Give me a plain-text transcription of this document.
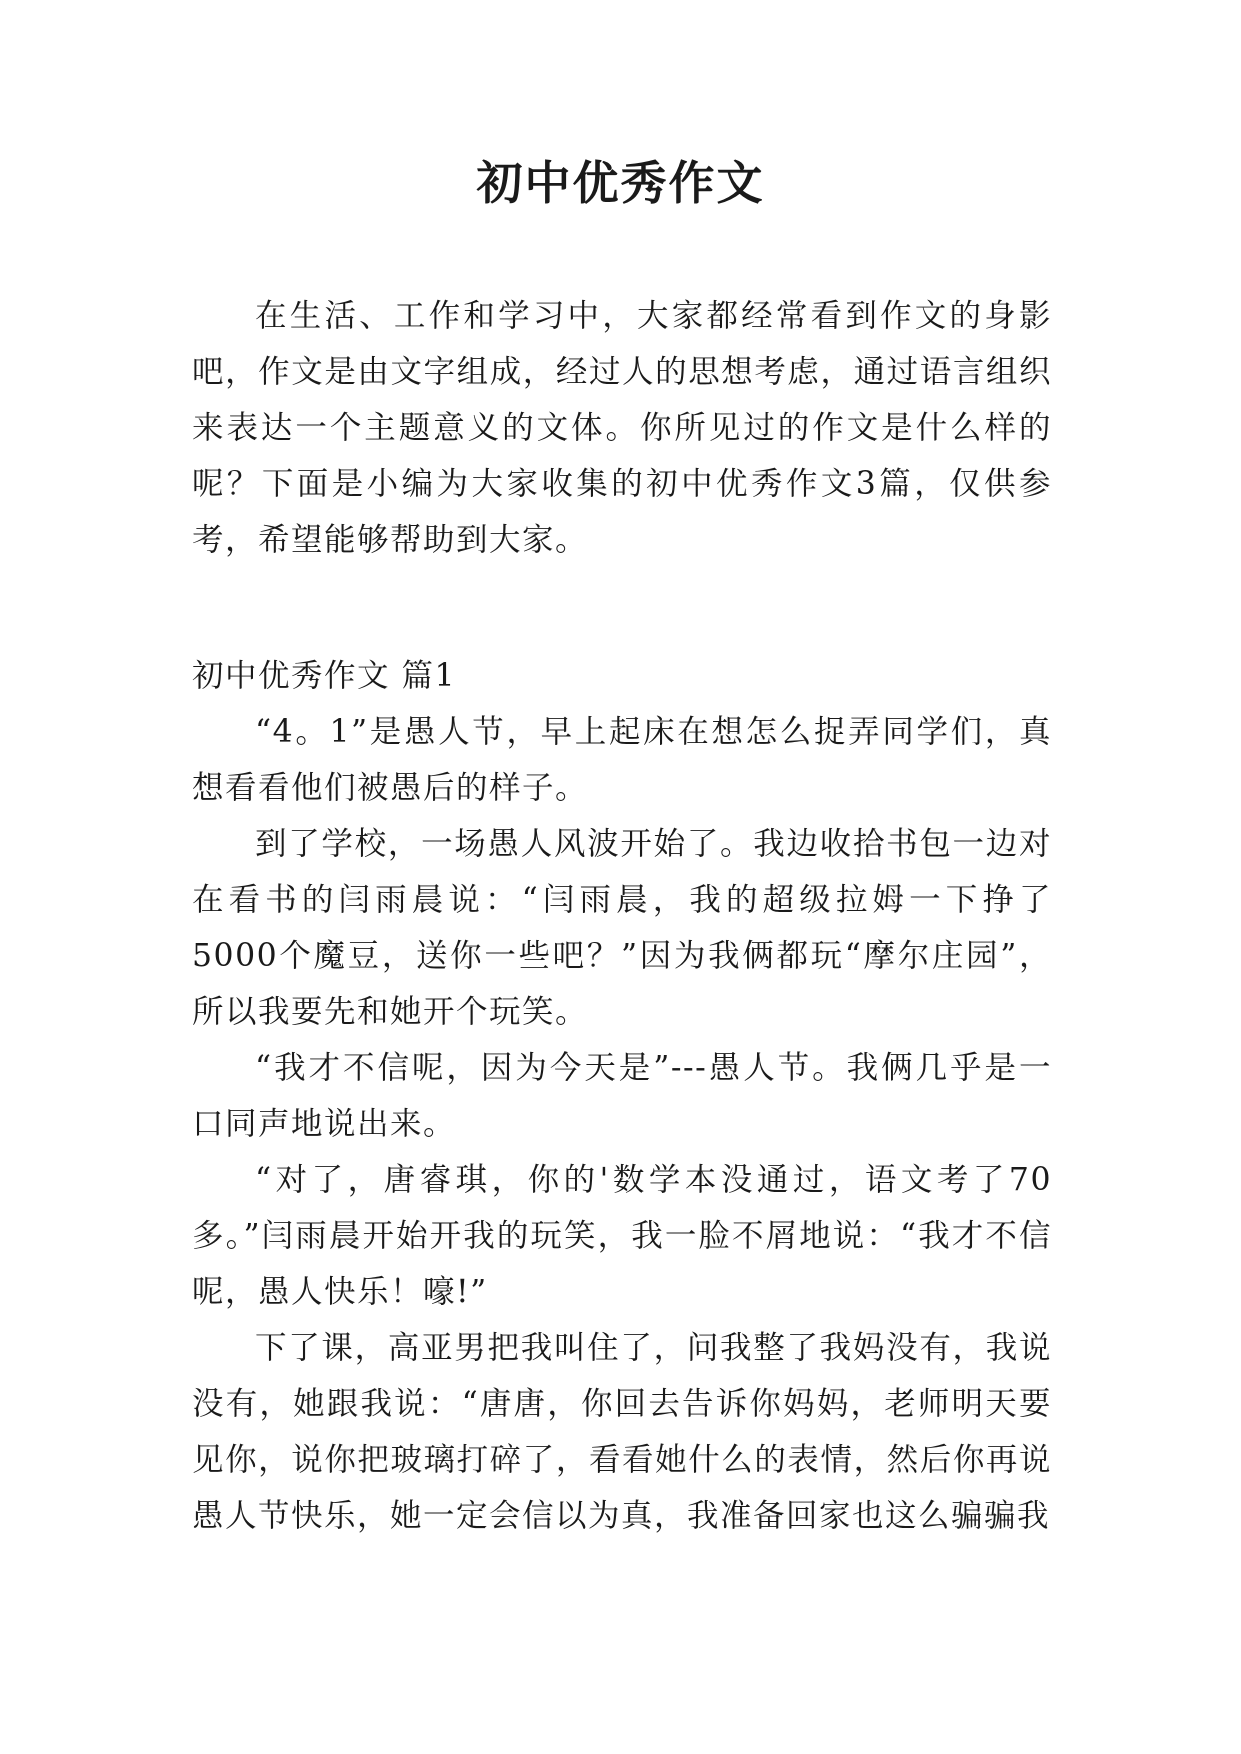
初中优秀作文

在生活、工作和学习中，大家都经常看到作文的身影吧，作文是由文字组成，经过人的思想考虑，通过语言组织来表达一个主题意义的文体。你所见过的作文是什么样的呢？下面是小编为大家收集的初中优秀作文3篇，仅供参考，希望能够帮助到大家。

初中优秀作文 篇1

“4。1”是愚人节，早上起床在想怎么捉弄同学们，真想看看他们被愚后的样子。

到了学校，一场愚人风波开始了。我边收拾书包一边对在看书的闫雨晨说：“闫雨晨，我的超级拉姆一下挣了5000个魔豆，送你一些吧？”因为我俩都玩“摩尔庄园”，所以我要先和她开个玩笑。

“我才不信呢，因为今天是”---愚人节。我俩几乎是一口同声地说出来。

“对了，唐睿琪，你的'数学本没通过，语文考了70多。”闫雨晨开始开我的玩笑，我一脸不屑地说：“我才不信呢，愚人快乐！嚎!”

下了课，高亚男把我叫住了，问我整了我妈没有，我说没有，她跟我说：“唐唐，你回去告诉你妈妈，老师明天要见你，说你把玻璃打碎了，看看她什么的表情，然后你再说愚人节快乐，她一定会信以为真，我准备回家也这么骗骗我
